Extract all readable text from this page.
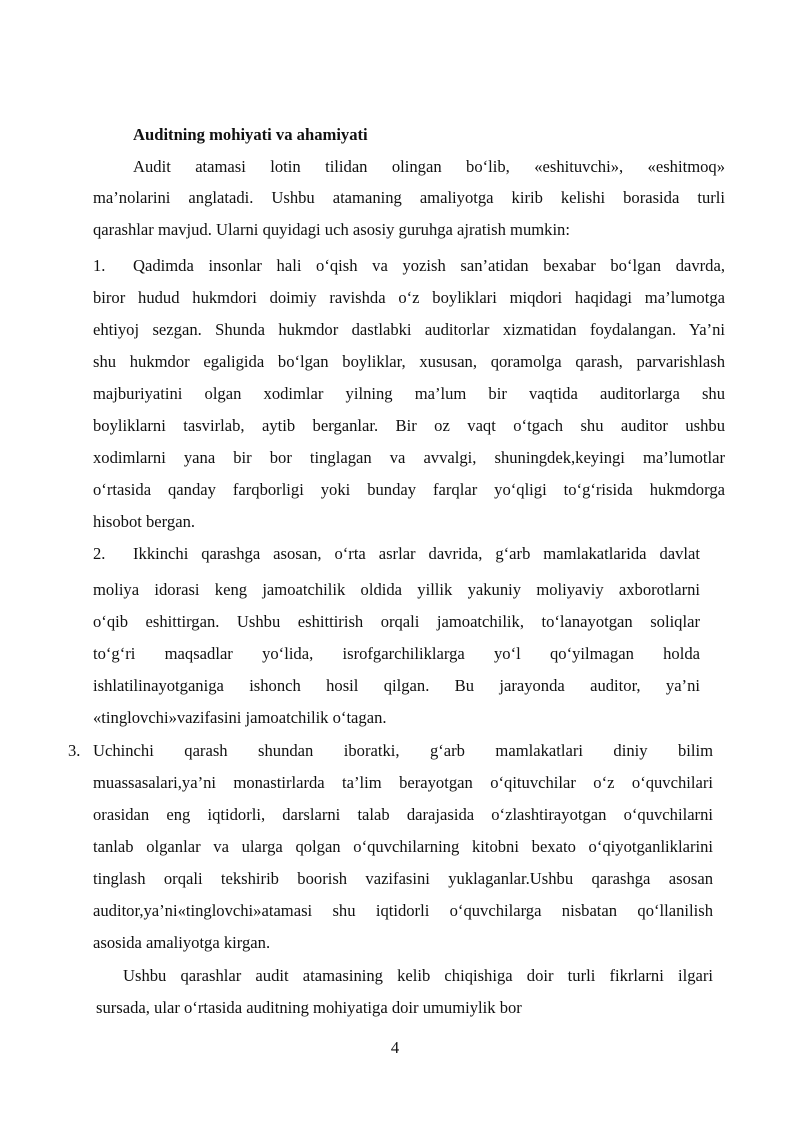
Auditning mohiyati va ahamiyati
Audit atamasi lotin tilidan olingan bo‘lib, «eshituvchi», «eshitmoq»
ma’nolarini anglatadi. Ushbu atamaning amaliyotga kirib kelishi borasida turli
qarashlar mavjud. Ularni quyidagi uch asosiy guruhga ajratish mumkin:
1. Qadimda insonlar hali o‘qish va yozish san’atidan bexabar bo‘lgan davrda,
biror hudud hukmdori doimiy ravishda o‘z boyliklari miqdori haqidagi ma’lumotga
ehtiyoj sezgan. Shunda hukmdor dastlabki auditorlar xizmatidan foydalangan. Ya’ni
shu hukmdor egaligida bo‘lgan boyliklar, xususan, qoramolga qarash, parvarishlash
majburiyatini olgan xodimlar yilning ma’lum bir vaqtida auditorlarga shu
boyliklarni tasvirlab, aytib berganlar. Bir oz vaqt o‘tgach shu auditor ushbu
xodimlarni yana bir bor tinglagan va avvalgi, shuningdek,keyingi ma’lumotlar
o‘rtasida qanday farqborligi yoki bunday farqlar yo‘qligi to‘g‘risida hukmdorga
hisobot bergan.
2. Ikkinchi qarashga asosan, o‘rta asrlar davrida, g‘arb mamlakatlarida davlat
moliya idorasi keng jamoatchilik oldida yillik yakuniy moliyaviy axborotlarni
o‘qib eshittirgan. Ushbu eshittirish orqali jamoatchilik, to‘lanayotgan soliqlar
to‘g‘ri maqsadlar yo‘lida, isrofgarchiliklarga yo‘l qo‘yilmagan holda
ishlatilinayotganiga ishonch hosil qilgan. Bu jarayonda auditor, ya’ni
«tinglovchi»vazifasini jamoatchilik o‘tagan.
3. Uchinchi qarash shundan iboratki, g‘arb mamlakatlari diniy bilim
muassasalari,ya’ni monastirlarda ta’lim berayotgan o‘qituvchilar o‘z o‘quvchilari
orasidan eng iqtidorli, darslarni talab darajasida o‘zlashtirayotgan o‘quvchilarni
tanlab olganlar va ularga qolgan o‘quvchilarning kitobni bexato o‘qiyotganliklarini
tinglash orqali tekshirib boorish vazifasini yuklaganlar.Ushbu qarashga asosan
auditor,ya’ni«tinglovchi»atamasi shu iqtidorli o‘quvchilarga nisbatan qo‘llanilish
asosida amaliyotga kirgan.
Ushbu qarashlar audit atamasining kelib chiqishiga doir turli fikrlarni ilgari
sursada, ular o‘rtasida auditning mohiyatiga doir umumiylik bor
4
